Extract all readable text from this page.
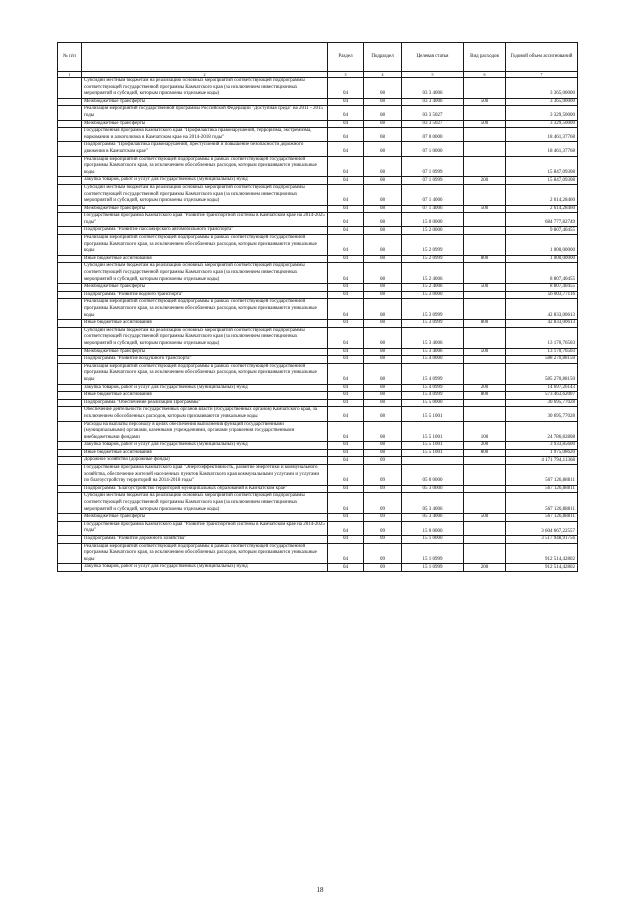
№ п/п		Раздел	Подраздел	Целевая статья	Вид расходов	Годовой объем ассигнований
1	2	3	4	5	6	7
	Субсидии местным бюджетам на реализацию основных мероприятий соответствующей подпрограммы соответствующей государственной программы Камчатского края (за исключением инвестиционных мероприятий и субсидий, которым присвоены отдельные коды)	04	08	03 3 4006		3 365,00000
	Межбюджетные трансферты	04	08	03 3 4006	500	3 365,00000
	Реализация мероприятий государственной программы Российской Федерации "Доступная среда" на 2011 - 2015 годы	04	08	03 3 5027		3 329,50000
	Межбюджетные трансферты	04	08	03 3 5027	500	3 329,50000
	Государственная программа Камчатского края "Профилактика правонарушений, терроризма, экстремизма, наркомании и алкоголизма в Камчатском крае на 2014-2018 годы"	04	08	07 0 0000		18 461,37768
	Подпрограмма "Профилактика правонарушений, преступлений и повышение безопасности дорожного движения в Камчатском крае"	04	08	07 1 0000		18 461,37768
	Реализация мероприятий соответствующей подпрограммы в рамках соответствующей государственной программы Камчатского края, за исключением обособленных расходов, которым присваиваются уникальные коды	04	08	07 1 0999		15 847,09308
	Закупка товаров, работ и услуг для государственных (муниципальных) нужд	04	08	07 1 0999	200	15 847,09308
	Субсидии местным бюджетам на реализацию основных мероприятий соответствующей подпрограммы соответствующей государственной программы Камчатского края (за исключением инвестиционных мероприятий и субсидий, которым присвоены отдельные коды)	04	08	07 1 4006		2 614,28460
	Межбюджетные трансферты	04	08	07 1 4006	500	2 614,28460
	Государственная программа Камчатского края "Развитие транспортной системы в Камчатском крае на 2014-2025 годы"	04	08	15 0 0000		684 777,82749
	Подпрограмма "Развитие пассажирского автомобильного транспорта"	04	08	15 2 0000		9 807,40455
	Реализация мероприятий соответствующей подпрограммы в рамках соответствующей государственной программы Камчатского края, за исключением обособленных расходов, которым присваиваются уникальные коды	04	08	15 2 0999		1 000,00000
	Иные бюджетные ассигнования	04	08	15 2 0999	800	1 000,00000
	Субсидии местным бюджетам на реализацию основных мероприятий соответствующей подпрограммы соответствующей государственной программы Камчатского края (за исключением инвестиционных мероприятий и субсидий, которым присвоены отдельные коды)	04	08	15 2 4006		8 807,40455
	Межбюджетные трансферты	04	08	15 2 4006	500	8 807,40455
	Подпрограмма "Развитие водного транспорта"	04	08	15 3 0000		56 003,77116
	Реализация мероприятий соответствующей подпрограммы в рамках соответствующей государственной программы Камчатского края, за исключением обособленных расходов, которым присваиваются уникальные коды	04	08	15 3 0999		42 833,00613
	Иные бюджетные ассигнования	04	08	15 3 0999	800	42 833,00613
	Субсидии местным бюджетам на реализацию основных мероприятий соответствующей подпрограммы соответствующей государственной программы Камчатского края (за исключением инвестиционных мероприятий и субсидий, которым присвоены отдельные коды)	04	08	15 3 4006		13 170,76503
	Межбюджетные трансферты	04	08	15 3 4006	500	13 170,76503
	Подпрограмма "Развитие воздушного транспорта"	04	08	15 4 0000		588 270,88150
	Реализация мероприятий соответствующей подпрограммы в рамках соответствующей государственной программы Камчатского края, за исключением обособленных расходов, которым присваиваются уникальные коды	04	08	15 4 0999		585 270,88150
	Закупка товаров, работ и услуг для государственных (муниципальных) нужд	04	08	15 4 0999	200	14 697,26143
	Иные бюджетные ассигнования	04	08	15 4 0999	800	573 463,62007
	Подпрограмма "Обеспечение реализации Программы"	04	08	15 5 0000		30 695,77028
	Обеспечение деятельности государственных органов власти (государственных органов) Камчатского края, за исключением обособленных расходов, которым присваиваются уникальные коды	04	08	15 5 1001		30 695,77028
	Расходы на выплаты персоналу в целях обеспечения выполнения функций государственными (муниципальными) органами, казенными учреждениями, органами управления государственными внебюджетными фондами	04	08	15 5 1001	100	24 786,82808
	Закупка товаров, работ и услуг для государственных (муниципальных) нужд	04	08	15 5 1001	200	3 933,85600
	Иные бюджетные ассигнования	04	08	15 5 1001	800	1 975,08620
	Дорожное хозяйство (дорожные фонды)	04	09			4 171 794,11368
	Государственная программа Камчатского края "Энергоэффективность, развитие энергетики и коммунального хозяйства, обеспечение жителей населенных пунктов Камчатского края коммунальными услугами и услугами по благоустройству территорий на 2014-2018 годы"	04	09	05 0 0000		567 126,88811
	Подпрограмма "Благоустройство территорий муниципальных образований в Камчатском крае"	04	09	05 3 0000		567 126,88811
	Субсидии местным бюджетам на реализацию основных мероприятий соответствующей подпрограммы соответствующей государственной программы Камчатского края (за исключением инвестиционных мероприятий и субсидий, которым присвоены отдельные коды)	04	09	05 3 4006		567 126,88811
	Межбюджетные трансферты	04	09	05 3 4006	500	567 126,88811
	Государственная программа Камчатского края "Развитие транспортной системы в Камчатском крае на 2014-2025 годы"	04	09	15 0 0000		3 604 667,22557
	Подпрограмма "Развитие дорожного хозяйства"	04	09	15 1 0000		3 517 948,91756
	Реализация мероприятий соответствующей подпрограммы в рамках соответствующей государственной программы Камчатского края, за исключением обособленных расходов, которым присваиваются уникальные коды	04	09	15 1 0999		912 514,42802
	Закупка товаров, работ и услуг для государственных (муниципальных) нужд	04	09	15 1 0999	200	912 514,42802
18
